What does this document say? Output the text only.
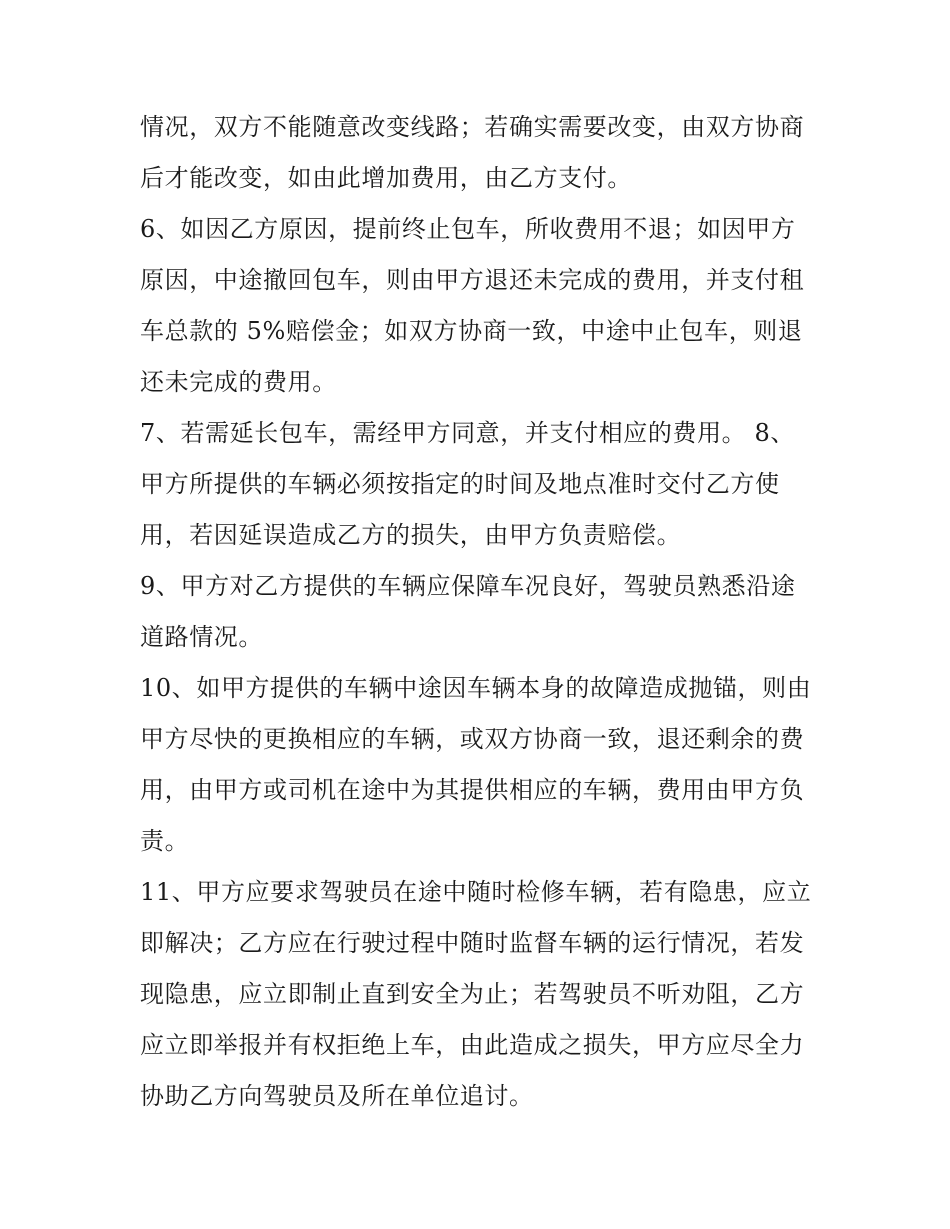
情况，双方不能随意改变线路；若确实需要改变，由双方协商
后才能改变，如由此增加费用，由乙方支付。
6、如因乙方原因，提前终止包车，所收费用不退；如因甲方
原因，中途撤回包车，则由甲方退还未完成的费用，并支付租
车总款的 5%赔偿金；如双方协商一致，中途中止包车，则退
还未完成的费用。
7、若需延长包车，需经甲方同意，并支付相应的费用。 8、
甲方所提供的车辆必须按指定的时间及地点准时交付乙方使
用，若因延误造成乙方的损失，由甲方负责赔偿。
9、甲方对乙方提供的车辆应保障车况良好，驾驶员熟悉沿途
道路情况。
10、如甲方提供的车辆中途因车辆本身的故障造成抛锚，则由
甲方尽快的更换相应的车辆，或双方协商一致，退还剩余的费
用，由甲方或司机在途中为其提供相应的车辆，费用由甲方负
责。
11、甲方应要求驾驶员在途中随时检修车辆，若有隐患，应立
即解决；乙方应在行驶过程中随时监督车辆的运行情况，若发
现隐患，应立即制止直到安全为止；若驾驶员不听劝阻，乙方
应立即举报并有权拒绝上车，由此造成之损失，甲方应尽全力
协助乙方向驾驶员及所在单位追讨。
